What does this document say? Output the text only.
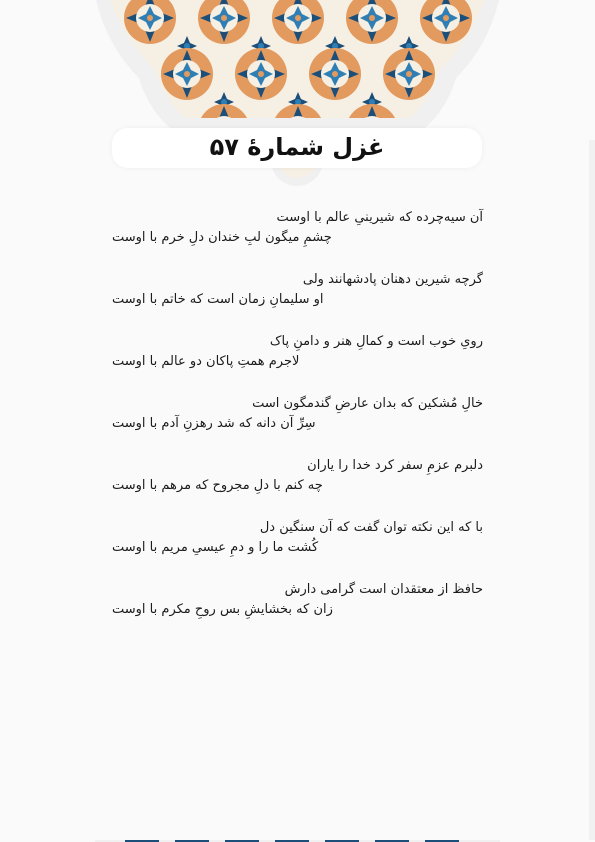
غزل شمارهٔ ۵۷
آن سیه‌چرده که شیرینیِ عالم با اوست
چشمِ میگون لبِ خندان دلِ خرم با اوست
گرچه شیرین دهنان پادشهانند ولی
او سلیمانِ زمان است که خاتم با اوست
رویِ خوب است و کمالِ هنر و دامنِ پاک
لاجرم همتِ پاکان دو عالم با اوست
خالِ مُشکین که بدان عارضِ گندمگون است
سِرِّ آن دانه که شد رهزنِ آدم با اوست
دلبرم عزمِ سفر کرد خدا را یاران
چه کنم با دلِ مجروح که مرهم با اوست
با که این نکته توان گفت که آن سنگین دل
کُشت ما را و دمِ عیسیِ مریم با اوست
حافظ از معتقدان است گرامی دارش
زان که بخشایشِ بس روحِ مکرم با اوست
